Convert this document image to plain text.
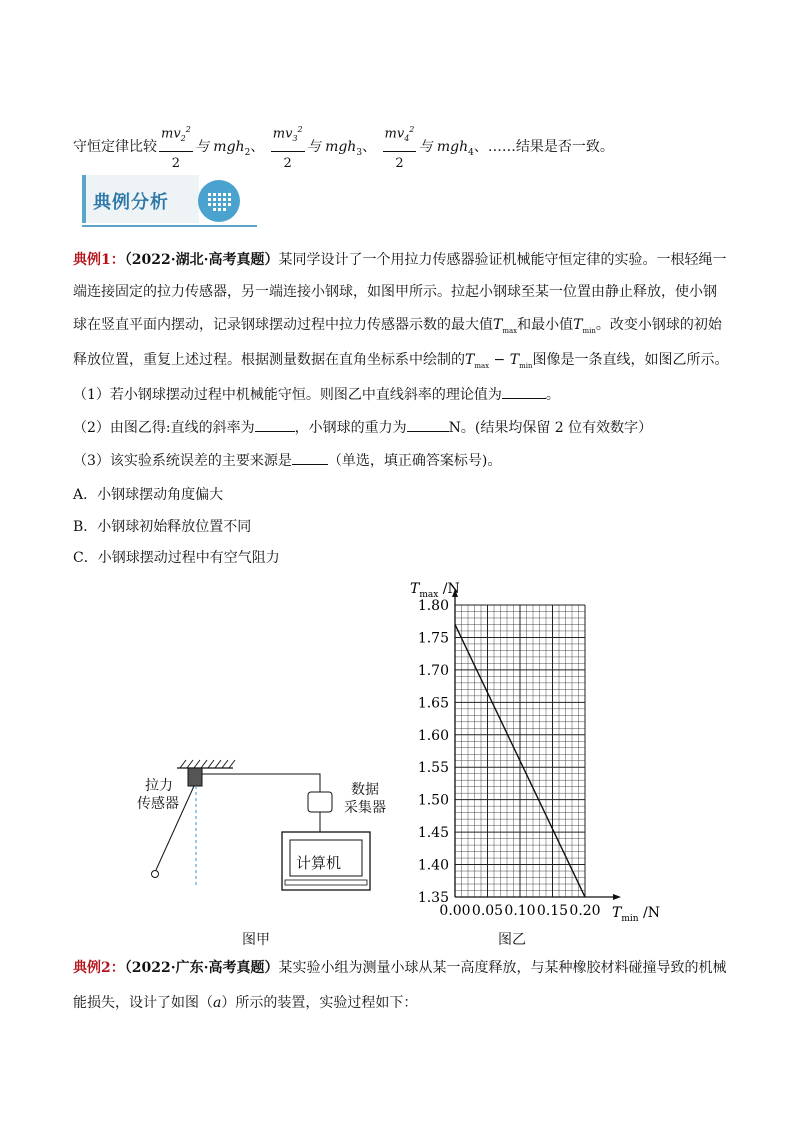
守恒定律比较 $\frac{mv_2^2}{2}$ 与 mgh$_2$、 $\frac{mv_3^2}{2}$ 与 mgh$_3$、 $\frac{mv_4^2}{2}$ 与 mgh$_4$、……结果是否一致。
典例分析
典例1：（2022·湖北·高考真题）某同学设计了一个用拉力传感器验证机械能守恒定律的实验。一根轻绳一
端连接固定的拉力传感器，另一端连接小钢球，如图甲所示。拉起小钢球至某一位置由静止释放，使小钢
球在竖直平面内摆动，记录钢球摆动过程中拉力传感器示数的最大值$T_{max}$和最小值$T_{min}$。改变小钢球的初始
释放位置，重复上述过程。根据测量数据在直角坐标系中绘制的$T_{max} - T_{min}$图像是一条直线，如图乙所示。
（1）若小钢球摆动过程中机械能守恒。则图乙中直线斜率的理论值为	。
（2）由图乙得:直线的斜率为	，小钢球的重力为	N。(结果均保留 2 位有效数字）
（3）该实验系统误差的主要来源是	（单选，填正确答案标号)。
A．小钢球摆动角度偏大
B．小钢球初始释放位置不同
C．小钢球摆动过程中有空气阻力
拉力
传感器
数据
采集器
计算机
图甲
1.35
1.40
1.45
1.50
1.55
1.60
1.65
1.70
1.75
1.80
0.00 0.05 0.10 0.15 0.20
$T_{max}$ /N
$T_{min}$ /N
图乙
典例2：（2022·广东·高考真题）某实验小组为测量小球从某一高度释放，与某种橡胶材料碰撞导致的机械
能损失，设计了如图（a）所示的装置，实验过程如下：
